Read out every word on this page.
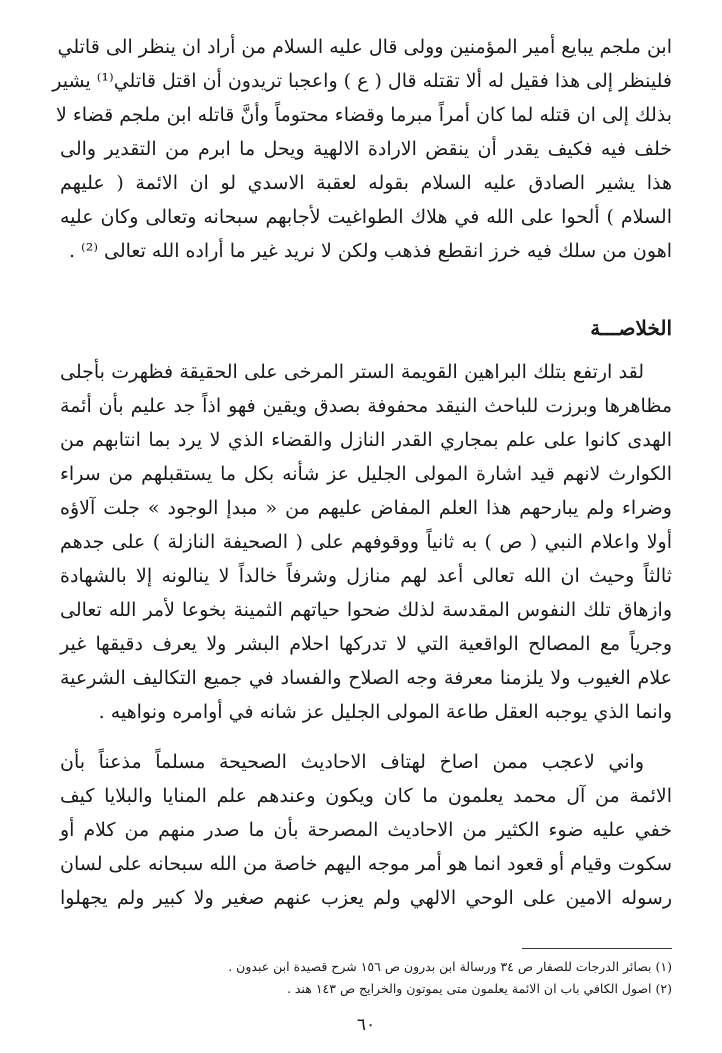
ابن ملجم يبايع أمير المؤمنين وولى قال عليه السلام من أراد ان ينظر الى قاتلي
فلينظر إلى هذا فقيل له ألا تقتله قال ( ع ) واعجبا تريدون أن اقتل قاتلي⁽¹⁾ يشير
بذلك إلى ان قتله لما كان أمراً مبرما وقضاء محتوماً وأنَّ قاتله ابن ملجم قضاء لا
خلف فيه فكيف يقدر أن ينقض الارادة الالهية ويحل ما ابرم من التقدير والى
هذا يشير الصادق عليه السلام بقوله لعقبة الاسدي لو ان الائمة ( عليهم
السلام ) ألحوا على الله في هلاك الطواغيت لأجابهم سبحانه وتعالى وكان عليه
اهون من سلك فيه خرز انقطع فذهب ولكن لا نريد غير ما أراده الله تعالى ⁽²⁾ .
الخلاصـــة
لقد ارتفع بتلك البراهين القويمة الستر المرخى على الحقيقة فظهرت بأجلى
مظاهرها وبرزت للباحث النيقد محفوفة بصدق ويقين فهو اذاً جد عليم بأن أئمة
الهدى كانوا على علم بمجاري القدر النازل والقضاء الذي لا يرد بما انتابهم من
الكوارث لانهم قيد اشارة المولى الجليل عز شأنه بكل ما يستقبلهم من سراء
وضراء ولم يبارحهم هذا العلم المفاض عليهم من « مبدإ الوجود » جلت آلاؤه
أولا واعلام النبي ( ص ) به ثانياً ووقوفهم على ( الصحيفة النازلة ) على جدهم
ثالثاً وحيث ان الله تعالى أعد لهم منازل وشرفاً خالداً لا ينالونه إلا بالشهادة
وازهاق تلك النفوس المقدسة لذلك ضحوا حياتهم الثمينة بخوعا لأمر الله تعالى
وجرياً مع المصالح الواقعية التي لا تدركها احلام البشر ولا يعرف دقيقها غير
علام الغيوب ولا يلزمنا معرفة وجه الصلاح والفساد في جميع التكاليف الشرعية
وانما الذي يوجبه العقل طاعة المولى الجليل عز شانه في أوامره ونواهيه .
واني لاعجب ممن اصاخ لهتاف الاحاديث الصحيحة مسلماً مذعناً بأن
الائمة من آل محمد يعلمون ما كان ويكون وعندهم علم المنايا والبلايا كيف
خفي عليه ضوء الكثير من الاحاديث المصرحة بأن ما صدر منهم من كلام أو
سكوت وقيام أو قعود انما هو أمر موجه اليهم خاصة من الله سبحانه على لسان
رسوله الامين على الوحي الالهي ولم يعزب عنهم صغير ولا كبير ولم يجهلوا
(١) بصائر الدرجات للصفار ص ٣٤ ورسالة ابن بدرون ص ١٥٦ شرح قصيدة ابن عبدون .
(٢) اصول الكافي باب ان الائمة يعلمون متى يموتون والخرايج ص ١٤٣ هند .
٦٠
